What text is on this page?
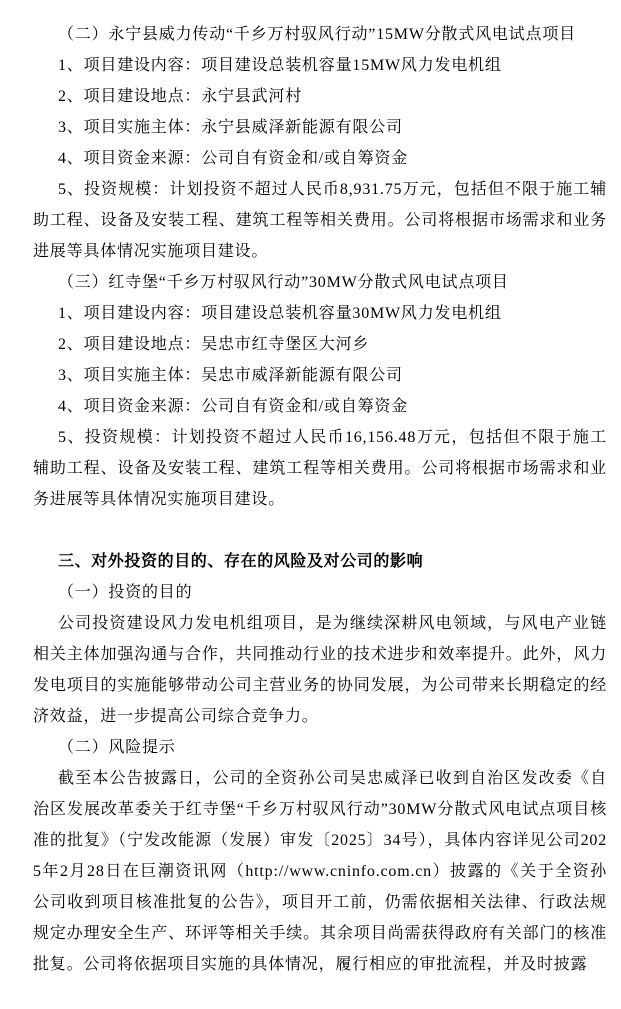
（二）永宁县威力传动“千乡万村驭风行动”15MW分散式风电试点项目

1、项目建设内容：项目建设总装机容量15MW风力发电机组

2、项目建设地点：永宁县武河村

3、项目实施主体：永宁县威泽新能源有限公司

4、项目资金来源：公司自有资金和/或自筹资金

5、投资规模：计划投资不超过人民币8,931.75万元，包括但不限于施工辅助工程、设备及安装工程、建筑工程等相关费用。公司将根据市场需求和业务进展等具体情况实施项目建设。

（三）红寺堡“千乡万村驭风行动”30MW分散式风电试点项目

1、项目建设内容：项目建设总装机容量30MW风力发电机组

2、项目建设地点：吴忠市红寺堡区大河乡

3、项目实施主体：吴忠市威泽新能源有限公司

4、项目资金来源：公司自有资金和/或自筹资金

5、投资规模：计划投资不超过人民币16,156.48万元，包括但不限于施工辅助工程、设备及安装工程、建筑工程等相关费用。公司将根据市场需求和业务进展等具体情况实施项目建设。

三、对外投资的目的、存在的风险及对公司的影响

（一）投资的目的

公司投资建设风力发电机组项目，是为继续深耕风电领域，与风电产业链相关主体加强沟通与合作，共同推动行业的技术进步和效率提升。此外，风力发电项目的实施能够带动公司主营业务的协同发展，为公司带来长期稳定的经济效益，进一步提高公司综合竞争力。

（二）风险提示

截至本公告披露日，公司的全资孙公司吴忠威泽已收到自治区发改委《自治区发展改革委关于红寺堡“千乡万村驭风行动”30MW分散式风电试点项目核准的批复》（宁发改能源（发展）审发〔2025〕34号），具体内容详见公司2025年2月28日在巨潮资讯网（http://www.cninfo.com.cn）披露的《关于全资孙公司收到项目核准批复的公告》，项目开工前，仍需依据相关法律、行政法规规定办理安全生产、环评等相关手续。其余项目尚需获得政府有关部门的核准批复。公司将依据项目实施的具体情况，履行相应的审批流程，并及时披露
